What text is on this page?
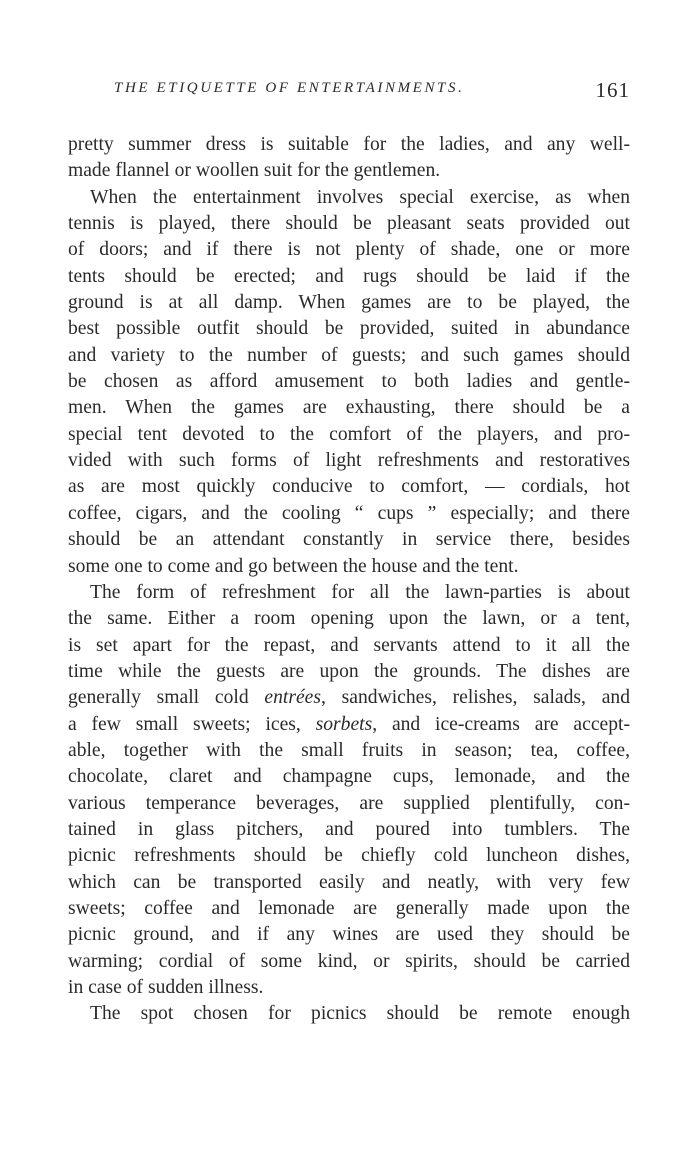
THE ETIQUETTE OF ENTERTAINMENTS.	161

pretty summer dress is suitable for the ladies, and any well-
made flannel or woollen suit for the gentlemen.

When the entertainment involves special exercise, as when
tennis is played, there should be pleasant seats provided out
of doors; and if there is not plenty of shade, one or more
tents should be erected; and rugs should be laid if the
ground is at all damp. When games are to be played, the
best possible outfit should be provided, suited in abundance
and variety to the number of guests; and such games should
be chosen as afford amusement to both ladies and gentle-
men. When the games are exhausting, there should be a
special tent devoted to the comfort of the players, and pro-
vided with such forms of light refreshments and restoratives
as are most quickly conducive to comfort, — cordials, hot
coffee, cigars, and the cooling “ cups ” especially; and there
should be an attendant constantly in service there, besides
some one to come and go between the house and the tent.

The form of refreshment for all the lawn-parties is about
the same. Either a room opening upon the lawn, or a tent,
is set apart for the repast, and servants attend to it all the
time while the guests are upon the grounds. The dishes are
generally small cold entrées, sandwiches, relishes, salads, and
a few small sweets; ices, sorbets, and ice-creams are accept-
able, together with the small fruits in season; tea, coffee,
chocolate, claret and champagne cups, lemonade, and the
various temperance beverages, are supplied plentifully, con-
tained in glass pitchers, and poured into tumblers. The
picnic refreshments should be chiefly cold luncheon dishes,
which can be transported easily and neatly, with very few
sweets; coffee and lemonade are generally made upon the
picnic ground, and if any wines are used they should be
warming; cordial of some kind, or spirits, should be carried
in case of sudden illness.

The spot chosen for picnics should be remote enough
